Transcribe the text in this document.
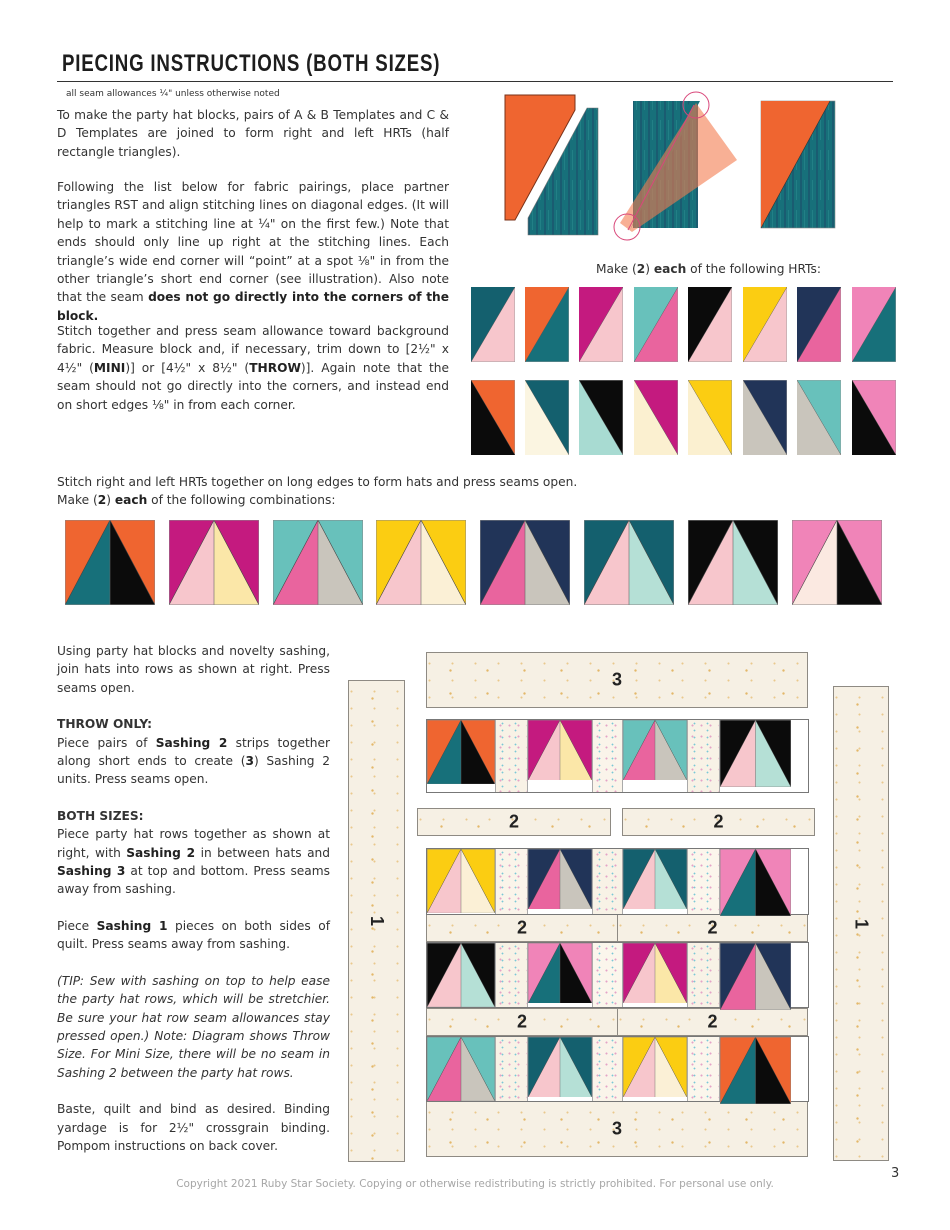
PIECING INSTRUCTIONS (BOTH SIZES)
all seam allowances ¼" unless otherwise noted
To make the party hat blocks, pairs of A & B Templates and C & D Templates are joined to form right and left HRTs (half rectangle triangles).
Following the list below for fabric pairings, place partner triangles RST and align stitching lines on diagonal edges. (It will help to mark a stitching line at ¼" on the first few.) Note that ends should only line up right at the stitching lines. Each triangle’s wide end corner will “point” at a spot ⅛" in from the other triangle’s short end corner (see illustration). Also note that the seam does not go directly into the corners of the block.
Stitch together and press seam allowance toward background fabric. Measure block and, if necessary, trim down to [2½" x 4½" (MINI)] or [4½" x 8½" (THROW)]. Again note that the seam should not go directly into the corners, and instead end on short edges ⅛" in from each corner.
Make (2) each of the following HRTs:
Stitch right and left HRTs together on long edges to form hats and press seams open.
Make (2) each of the following combinations:
Using party hat blocks and novelty sashing, join hats into rows as shown at right. Press seams open.
THROW ONLY:
Piece pairs of Sashing 2 strips together along short ends to create (3) Sashing 2 units. Press seams open.
BOTH SIZES:
Piece party hat rows together as shown at right, with Sashing 2 in between hats and Sashing 3 at top and bottom. Press seams away from sashing.
Piece Sashing 1 pieces on both sides of quilt. Press seams away from sashing.
(TIP: Sew with sashing on top to help ease the party hat rows, which will be stretchier. Be sure your hat row seam allowances stay pressed open.) Note: Diagram shows Throw Size. For Mini Size, there will be no seam in Sashing 2 between the party hat rows.
Baste, quilt and bind as desired. Binding yardage is for 2½" crossgrain binding. Pompom instructions on back cover.
1	1
3
2	2
2	2
2	2
3
Copyright 2021 Ruby Star Society. Copying or otherwise redistributing is strictly prohibited. For personal use only.
3
